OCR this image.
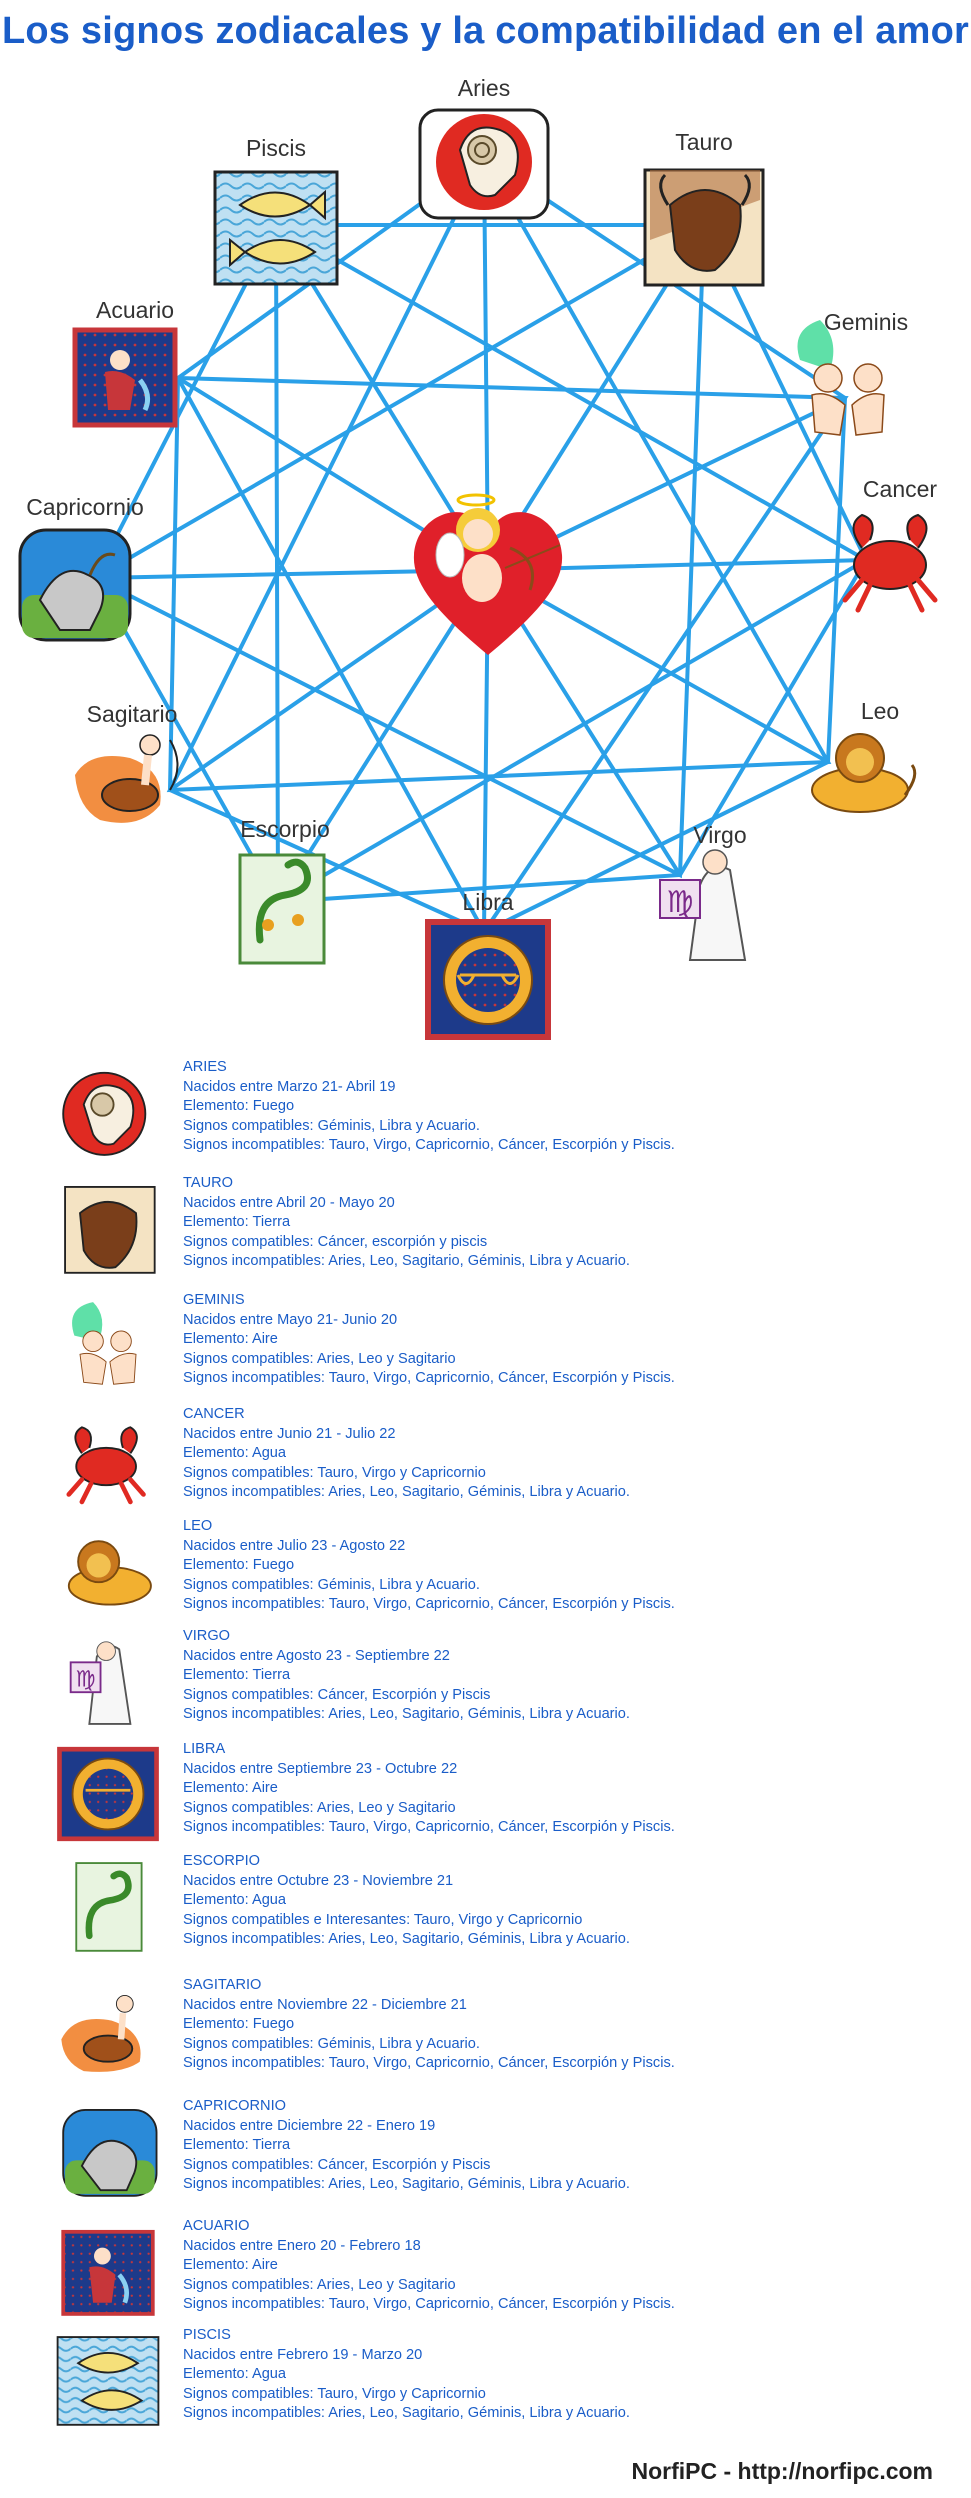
Los signos zodiacales y la compatibilidad en el amor
Aries
Tauro
Geminis
Cancer
Leo
♍
Virgo
Libra
Escorpio
Sagitario
Capricornio
Acuario
Piscis
ARIES
Nacidos entre Marzo 21- Abril 19
Elemento: Fuego
Signos compatibles: Géminis, Libra y Acuario.
Signos incompatibles: Tauro, Virgo, Capricornio, Cáncer, Escorpión y Piscis.
TAURO
Nacidos entre Abril 20 - Mayo 20
Elemento: Tierra
Signos compatibles: Cáncer, escorpión y piscis
Signos incompatibles: Aries, Leo, Sagitario, Géminis, Libra y Acuario.
GEMINIS
Nacidos entre Mayo 21- Junio 20
Elemento: Aire
Signos compatibles: Aries, Leo y Sagitario
Signos incompatibles: Tauro, Virgo, Capricornio, Cáncer, Escorpión y Piscis.
CANCER
Nacidos entre Junio 21 - Julio 22
Elemento: Agua
Signos compatibles: Tauro, Virgo y Capricornio
Signos incompatibles: Aries, Leo, Sagitario, Géminis, Libra y Acuario.
LEO
Nacidos entre Julio 23 - Agosto 22
Elemento: Fuego
Signos compatibles: Géminis, Libra y Acuario.
Signos incompatibles: Tauro, Virgo, Capricornio, Cáncer, Escorpión y Piscis.
♍
VIRGO
Nacidos entre Agosto 23 - Septiembre 22
Elemento: Tierra
Signos compatibles: Cáncer, Escorpión y Piscis
Signos incompatibles: Aries, Leo, Sagitario, Géminis, Libra y Acuario.
LIBRA
Nacidos entre Septiembre 23 - Octubre 22
Elemento: Aire
Signos compatibles: Aries, Leo y Sagitario
Signos incompatibles: Tauro, Virgo, Capricornio, Cáncer, Escorpión y Piscis.
ESCORPIO
Nacidos entre Octubre 23 - Noviembre 21
Elemento: Agua
Signos compatibles e Interesantes: Tauro, Virgo y Capricornio
Signos incompatibles: Aries, Leo, Sagitario, Géminis, Libra y Acuario.
SAGITARIO
Nacidos entre Noviembre 22 - Diciembre 21
Elemento: Fuego
Signos compatibles: Géminis, Libra y Acuario.
Signos incompatibles: Tauro, Virgo, Capricornio, Cáncer, Escorpión y Piscis.
CAPRICORNIO
Nacidos entre Diciembre 22 - Enero 19
Elemento: Tierra
Signos compatibles: Cáncer, Escorpión y Piscis
Signos incompatibles: Aries, Leo, Sagitario, Géminis, Libra y Acuario.
ACUARIO
Nacidos entre Enero 20 - Febrero 18
Elemento: Aire
Signos compatibles: Aries, Leo y Sagitario
Signos incompatibles: Tauro, Virgo, Capricornio, Cáncer, Escorpión y Piscis.
PISCIS
Nacidos entre Febrero 19 - Marzo 20
Elemento: Agua
Signos compatibles: Tauro, Virgo y Capricornio
Signos incompatibles: Aries, Leo, Sagitario, Géminis, Libra y Acuario.
NorfiPC - http://norfipc.com
